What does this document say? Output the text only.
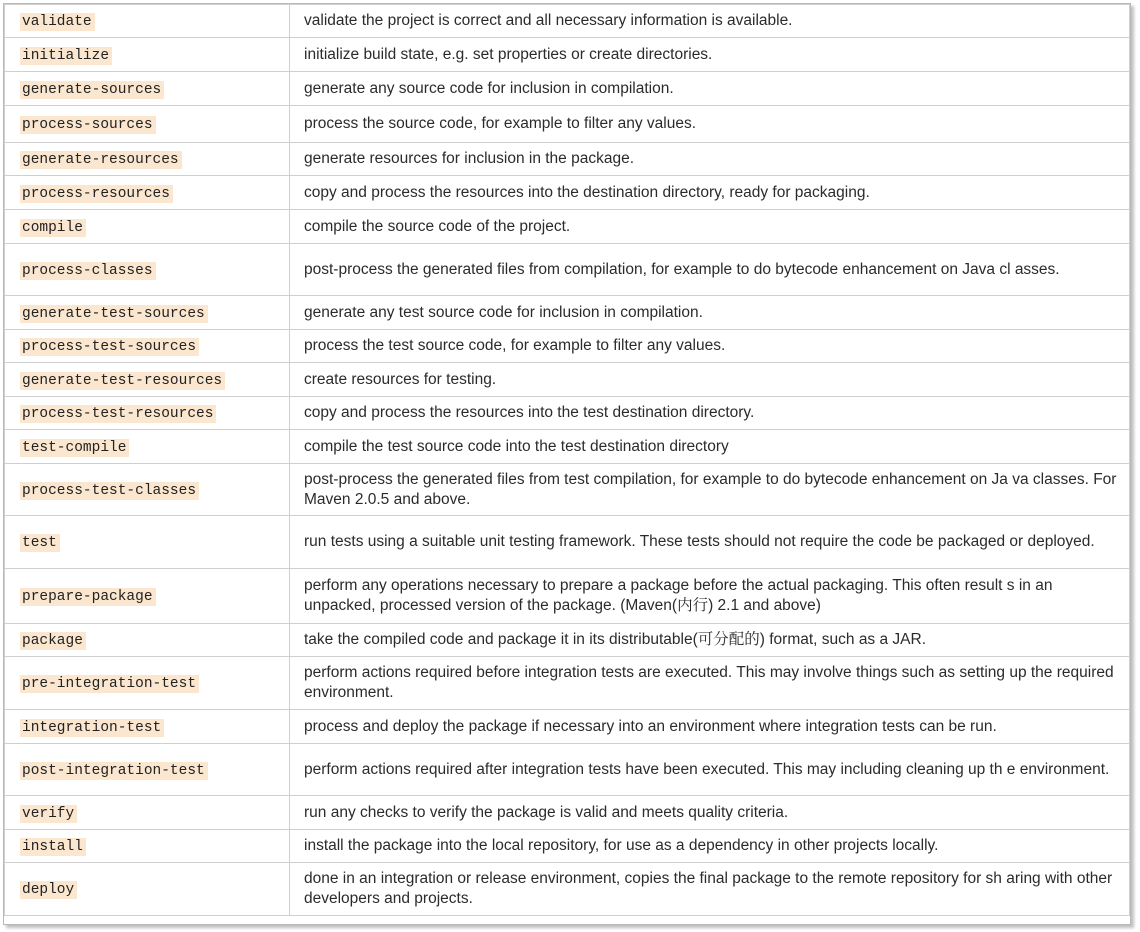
validate	validate the project is correct and all necessary information is available.
initialize	initialize build state, e.g. set properties or create directories.
generate-sources	generate any source code for inclusion in compilation.
process-sources	process the source code, for example to filter any values.
generate-resources	generate resources for inclusion in the package.
process-resources	copy and process the resources into the destination directory, ready for packaging.
compile	compile the source code of the project.
process-classes	post-process the generated files from compilation, for example to do bytecode enhancement on Java cl asses.
generate-test-sources	generate any test source code for inclusion in compilation.
process-test-sources	process the test source code, for example to filter any values.
generate-test-resources	create resources for testing.
process-test-resources	copy and process the resources into the test destination directory.
test-compile	compile the test source code into the test destination directory
process-test-classes	post-process the generated files from test compilation, for example to do bytecode enhancement on Ja va classes. For Maven 2.0.5 and above.
test	run tests using a suitable unit testing framework. These tests should not require the code be packaged or deployed.
prepare-package	perform any operations necessary to prepare a package before the actual packaging. This often result s in an unpacked, processed version of the package. (Maven(内行) 2.1 and above)
package	take the compiled code and package it in its distributable(可分配的) format, such as a JAR.
pre-integration-test	perform actions required before integration tests are executed. This may involve things such as setting up the required environment.
integration-test	process and deploy the package if necessary into an environment where integration tests can be run.
post-integration-test	perform actions required after integration tests have been executed. This may including cleaning up th e environment.
verify	run any checks to verify the package is valid and meets quality criteria.
install	install the package into the local repository, for use as a dependency in other projects locally.
deploy	done in an integration or release environment, copies the final package to the remote repository for sh aring with other developers and projects.
